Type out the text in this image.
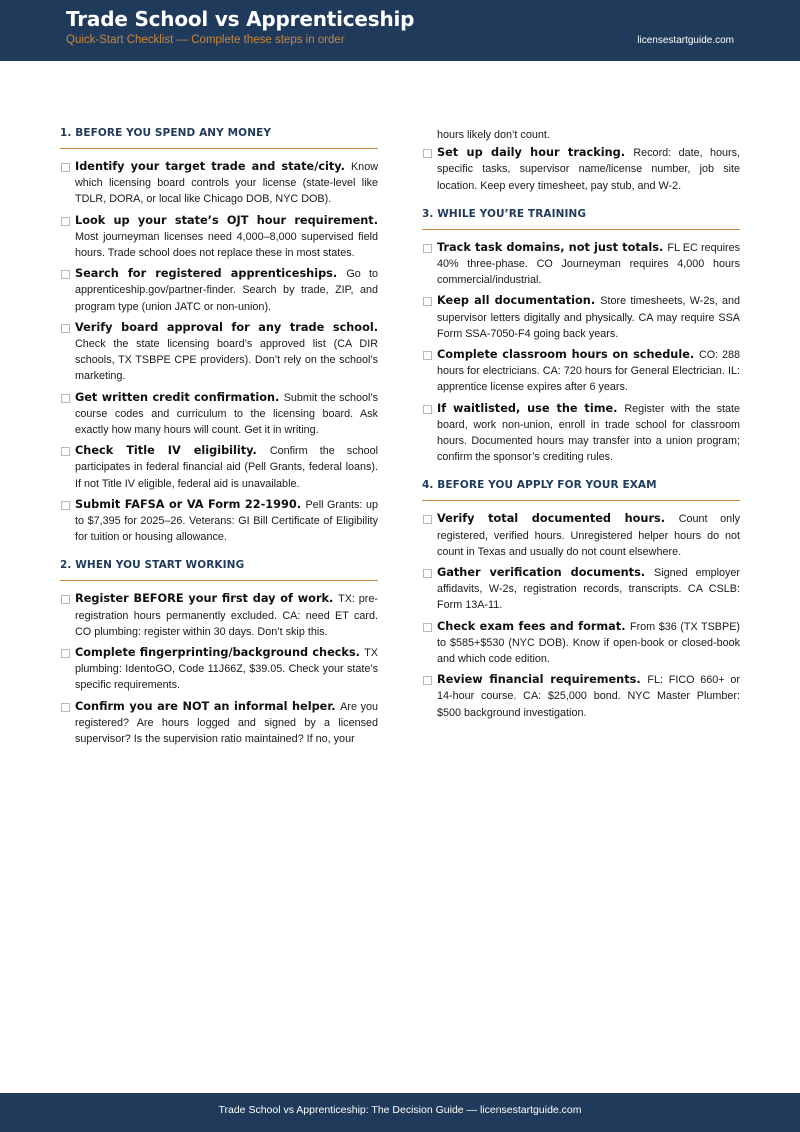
Trade School vs Apprenticeship
Quick-Start Checklist — Complete these steps in order	licensestartguide.com
1. BEFORE YOU SPEND ANY MONEY
Identify your target trade and state/city. Know which licensing board controls your license (state-level like TDLR, DORA, or local like Chicago DOB, NYC DOB).
Look up your state’s OJT hour requirement. Most journeyman licenses need 4,000–8,000 supervised field hours. Trade school does not replace these in most states.
Search for registered apprenticeships. Go to apprenticeship.gov/partner-finder. Search by trade, ZIP, and program type (union JATC or non-union).
Verify board approval for any trade school. Check the state licensing board’s approved list (CA DIR schools, TX TSBPE CPE providers). Don’t rely on the school’s marketing.
Get written credit confirmation. Submit the school’s course codes and curriculum to the licensing board. Ask exactly how many hours will count. Get it in writing.
Check Title IV eligibility. Confirm the school participates in federal financial aid (Pell Grants, federal loans). If not Title IV eligible, federal aid is unavailable.
Submit FAFSA or VA Form 22-1990. Pell Grants: up to $7,395 for 2025–26. Veterans: GI Bill Certificate of Eligibility for tuition or housing allowance.
2. WHEN YOU START WORKING
Register BEFORE your first day of work. TX: pre-registration hours permanently excluded. CA: need ET card. CO plumbing: register within 30 days. Don’t skip this.
Complete fingerprinting/background checks. TX plumbing: IdentoGO, Code 11J66Z, $39.05. Check your state’s specific requirements.
Confirm you are NOT an informal helper. Are you registered? Are hours logged and signed by a licensed supervisor? Is the supervision ratio maintained? If no, your
hours likely don’t count.
Set up daily hour tracking. Record: date, hours, specific tasks, supervisor name/license number, job site location. Keep every timesheet, pay stub, and W-2.
3. WHILE YOU’RE TRAINING
Track task domains, not just totals. FL EC requires 40% three-phase. CO Journeyman requires 4,000 hours commercial/industrial.
Keep all documentation. Store timesheets, W-2s, and supervisor letters digitally and physically. CA may require SSA Form SSA-7050-F4 going back years.
Complete classroom hours on schedule. CO: 288 hours for electricians. CA: 720 hours for General Electrician. IL: apprentice license expires after 6 years.
If waitlisted, use the time. Register with the state board, work non-union, enroll in trade school for classroom hours. Documented hours may transfer into a union program; confirm the sponsor’s crediting rules.
4. BEFORE YOU APPLY FOR YOUR EXAM
Verify total documented hours. Count only registered, verified hours. Unregistered helper hours do not count in Texas and usually do not count elsewhere.
Gather verification documents. Signed employer affidavits, W-2s, registration records, transcripts. CA CSLB: Form 13A-11.
Check exam fees and format. From $36 (TX TSBPE) to $585+$530 (NYC DOB). Know if open-book or closed-book and which code edition.
Review financial requirements. FL: FICO 660+ or 14-hour course. CA: $25,000 bond. NYC Master Plumber: $500 background investigation.
Trade School vs Apprenticeship: The Decision Guide — licensestartguide.com
